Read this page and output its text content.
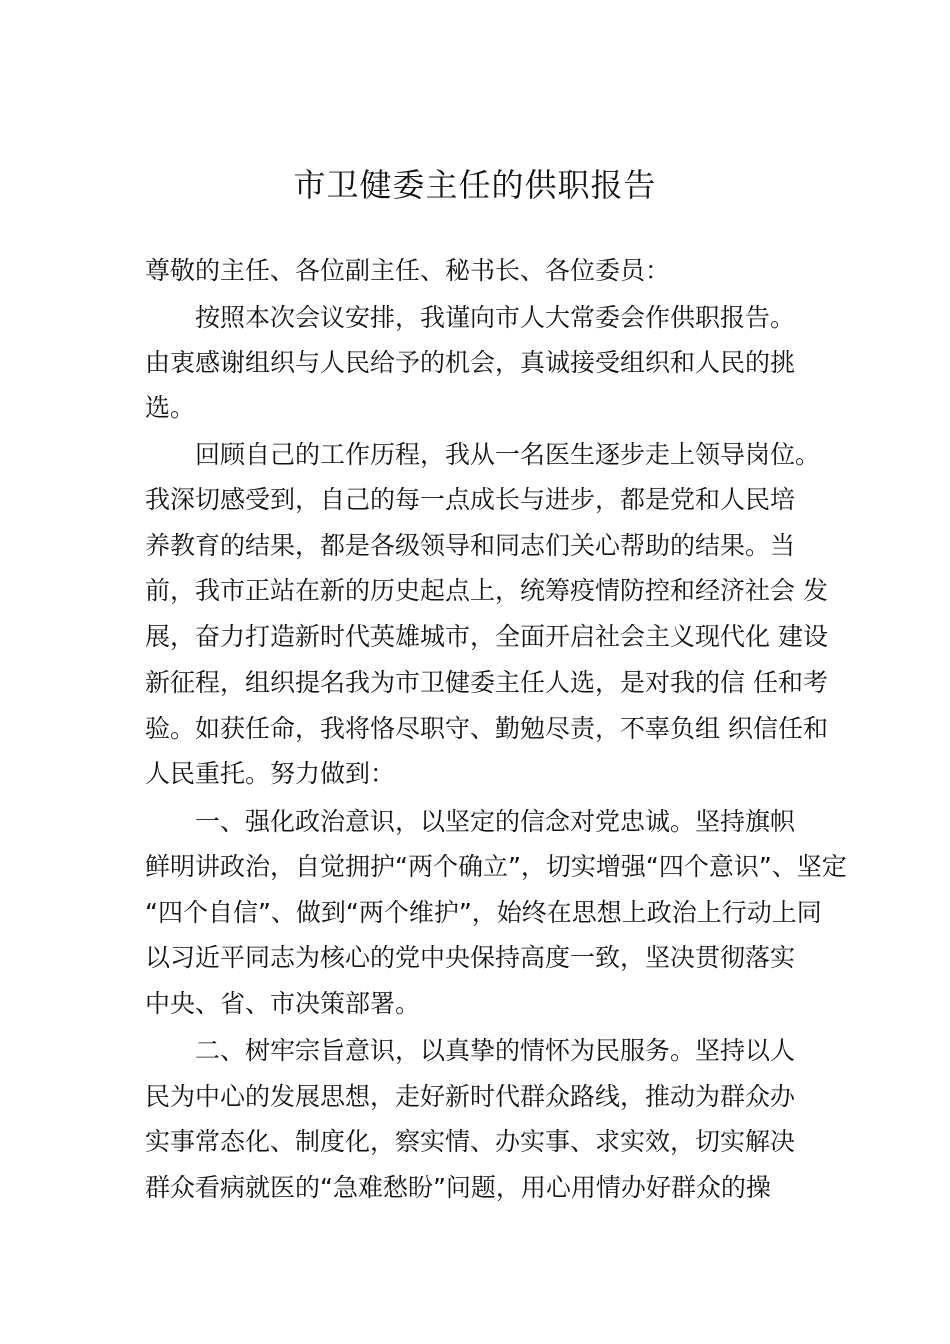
市卫健委主任的供职报告
尊敬的主任、各位副主任、秘书长、各位委员：
按照本次会议安排，我谨向市人大常委会作供职报告。
由衷感谢组织与人民给予的机会，真诚接受组织和人民的挑
选。
回顾自己的工作历程，我从一名医生逐步走上领导岗位。
我深切感受到，自己的每一点成长与进步，都是党和人民培
养教育的结果，都是各级领导和同志们关心帮助的结果。当
前，我市正站在新的历史起点上，统筹疫情防控和经济社会 发
展，奋力打造新时代英雄城市，全面开启社会主义现代化 建设
新征程，组织提名我为市卫健委主任人选，是对我的信 任和考
验。如获任命，我将恪尽职守、勤勉尽责，不辜负组 织信任和
人民重托。努力做到：
一、强化政治意识，以坚定的信念对党忠诚。坚持旗帜
鲜明讲政治，自觉拥护“两个确立”，切实增强“四个意识”、坚定
“四个自信”、做到“两个维护”，始终在思想上政治上行动上同
以习近平同志为核心的党中央保持高度一致，坚决贯彻落实
中央、省、市决策部署。
二、树牢宗旨意识，以真挚的情怀为民服务。坚持以人
民为中心的发展思想，走好新时代群众路线，推动为群众办
实事常态化、制度化，察实情、办实事、求实效，切实解决
群众看病就医的“急难愁盼”问题，用心用情办好群众的操
